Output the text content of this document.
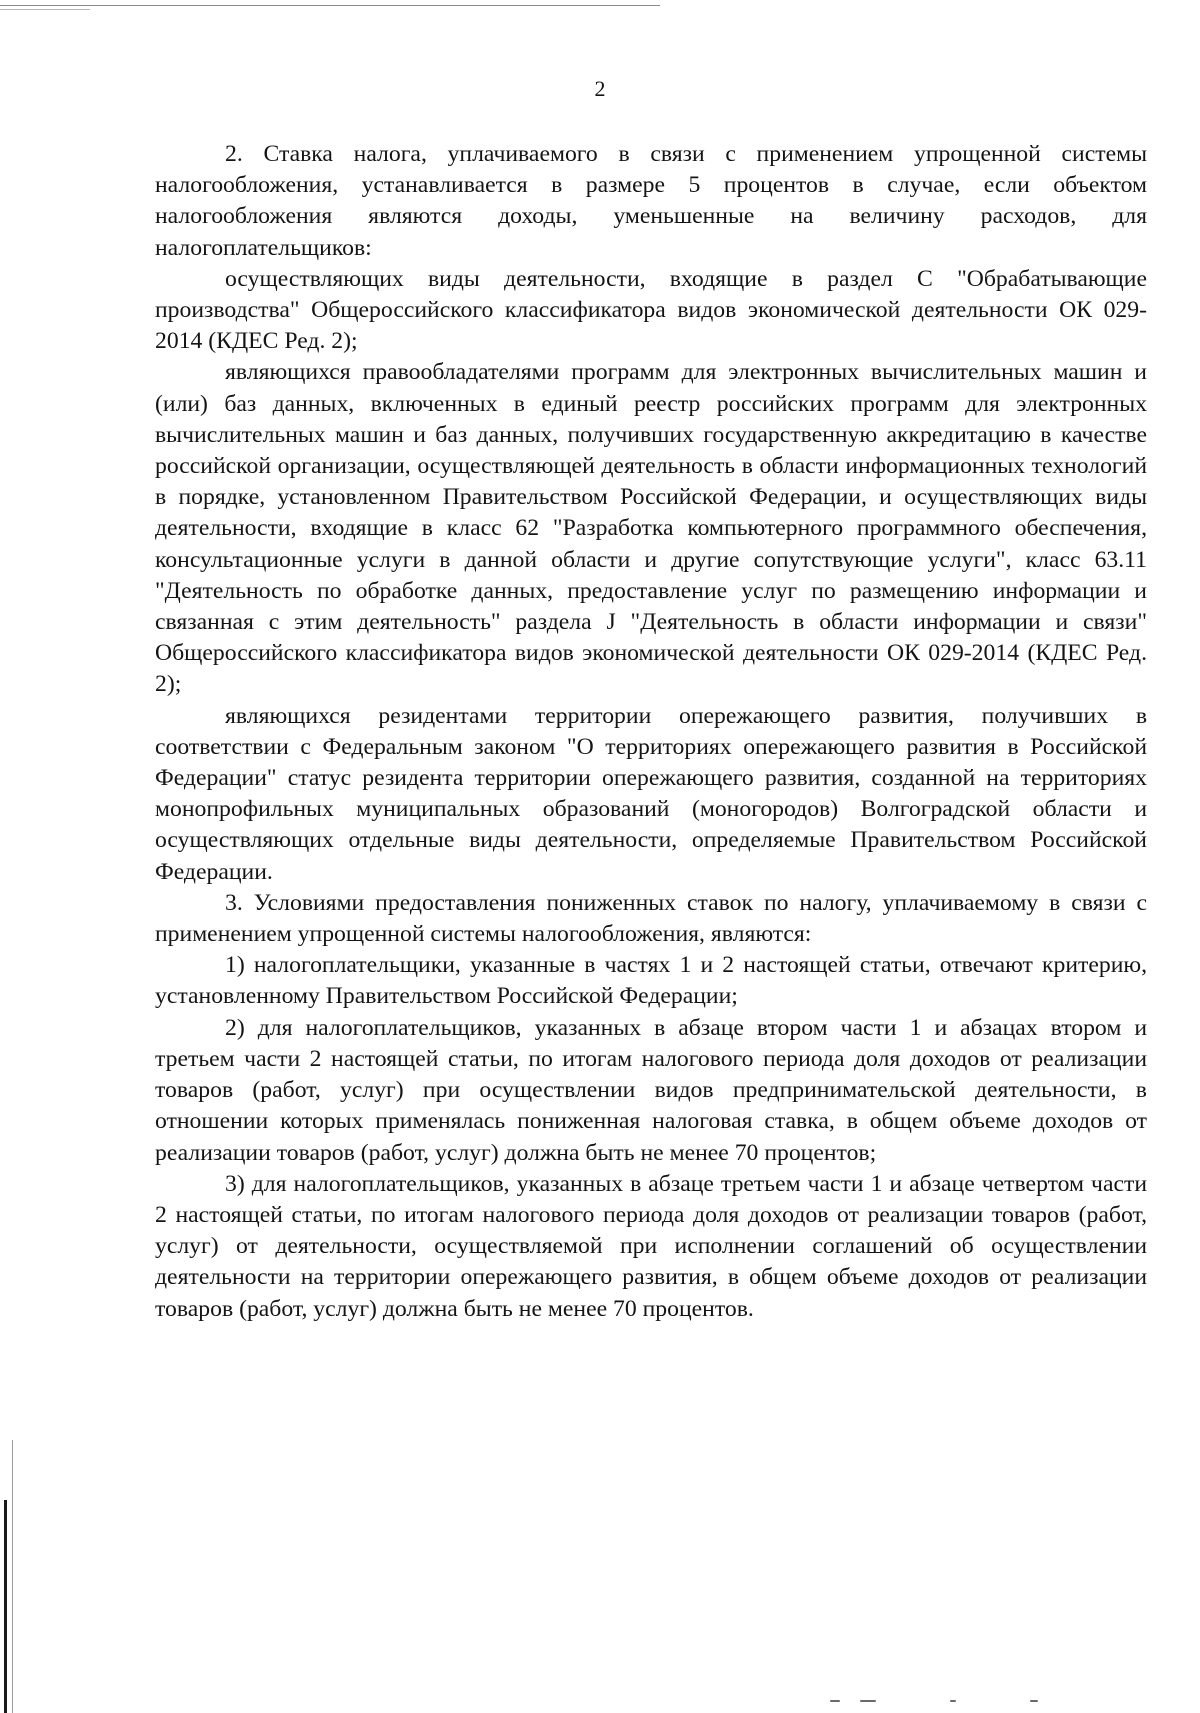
2

2. Ставка налога, уплачиваемого в связи с применением упрощенной системы налогообложения, устанавливается в размере 5 процентов в случае, если объектом налогообложения являются доходы, уменьшенные на величину расходов, для налогоплательщиков:

осуществляющих виды деятельности, входящие в раздел C "Обрабатывающие производства" Общероссийского классификатора видов экономической деятельности ОК 029-2014 (КДЕС Ред. 2);

являющихся правообладателями программ для электронных вычислительных машин и (или) баз данных, включенных в единый реестр российских программ для электронных вычислительных машин и баз данных, получивших государственную аккредитацию в качестве российской организации, осуществляющей деятельность в области информационных технологий в порядке, установленном Правительством Российской Федерации, и осуществляющих виды деятельности, входящие в класс 62 "Разработка компьютерного программного обеспечения, консультационные услуги в данной области и другие сопутствующие услуги", класс 63.11 "Деятельность по обработке данных, предоставление услуг по размещению информации и связанная с этим деятельность" раздела J "Деятельность в области информации и связи" Общероссийского классификатора видов экономической деятельности ОК 029-2014 (КДЕС Ред. 2);

являющихся резидентами территории опережающего развития, получивших в соответствии с Федеральным законом "О территориях опережающего развития в Российской Федерации" статус резидента территории опережающего развития, созданной на территориях монопрофильных муниципальных образований (моногородов) Волгоградской области и осуществляющих отдельные виды деятельности, определяемые Правительством Российской Федерации.

3. Условиями предоставления пониженных ставок по налогу, уплачиваемому в связи с применением упрощенной системы налогообложения, являются:

1) налогоплательщики, указанные в частях 1 и 2 настоящей статьи, отвечают критерию, установленному Правительством Российской Федерации;

2) для налогоплательщиков, указанных в абзаце втором части 1 и абзацах втором и третьем части 2 настоящей статьи, по итогам налогового периода доля доходов от реализации товаров (работ, услуг) при осуществлении видов предпринимательской деятельности, в отношении которых применялась пониженная налоговая ставка, в общем объеме доходов от реализации товаров (работ, услуг) должна быть не менее 70 процентов;

3) для налогоплательщиков, указанных в абзаце третьем части 1 и абзаце четвертом части 2 настоящей статьи, по итогам налогового периода доля доходов от реализации товаров (работ, услуг) от деятельности, осуществляемой при исполнении соглашений об осуществлении деятельности на территории опережающего развития, в общем объеме доходов от реализации товаров (работ, услуг) должна быть не менее 70 процентов.
